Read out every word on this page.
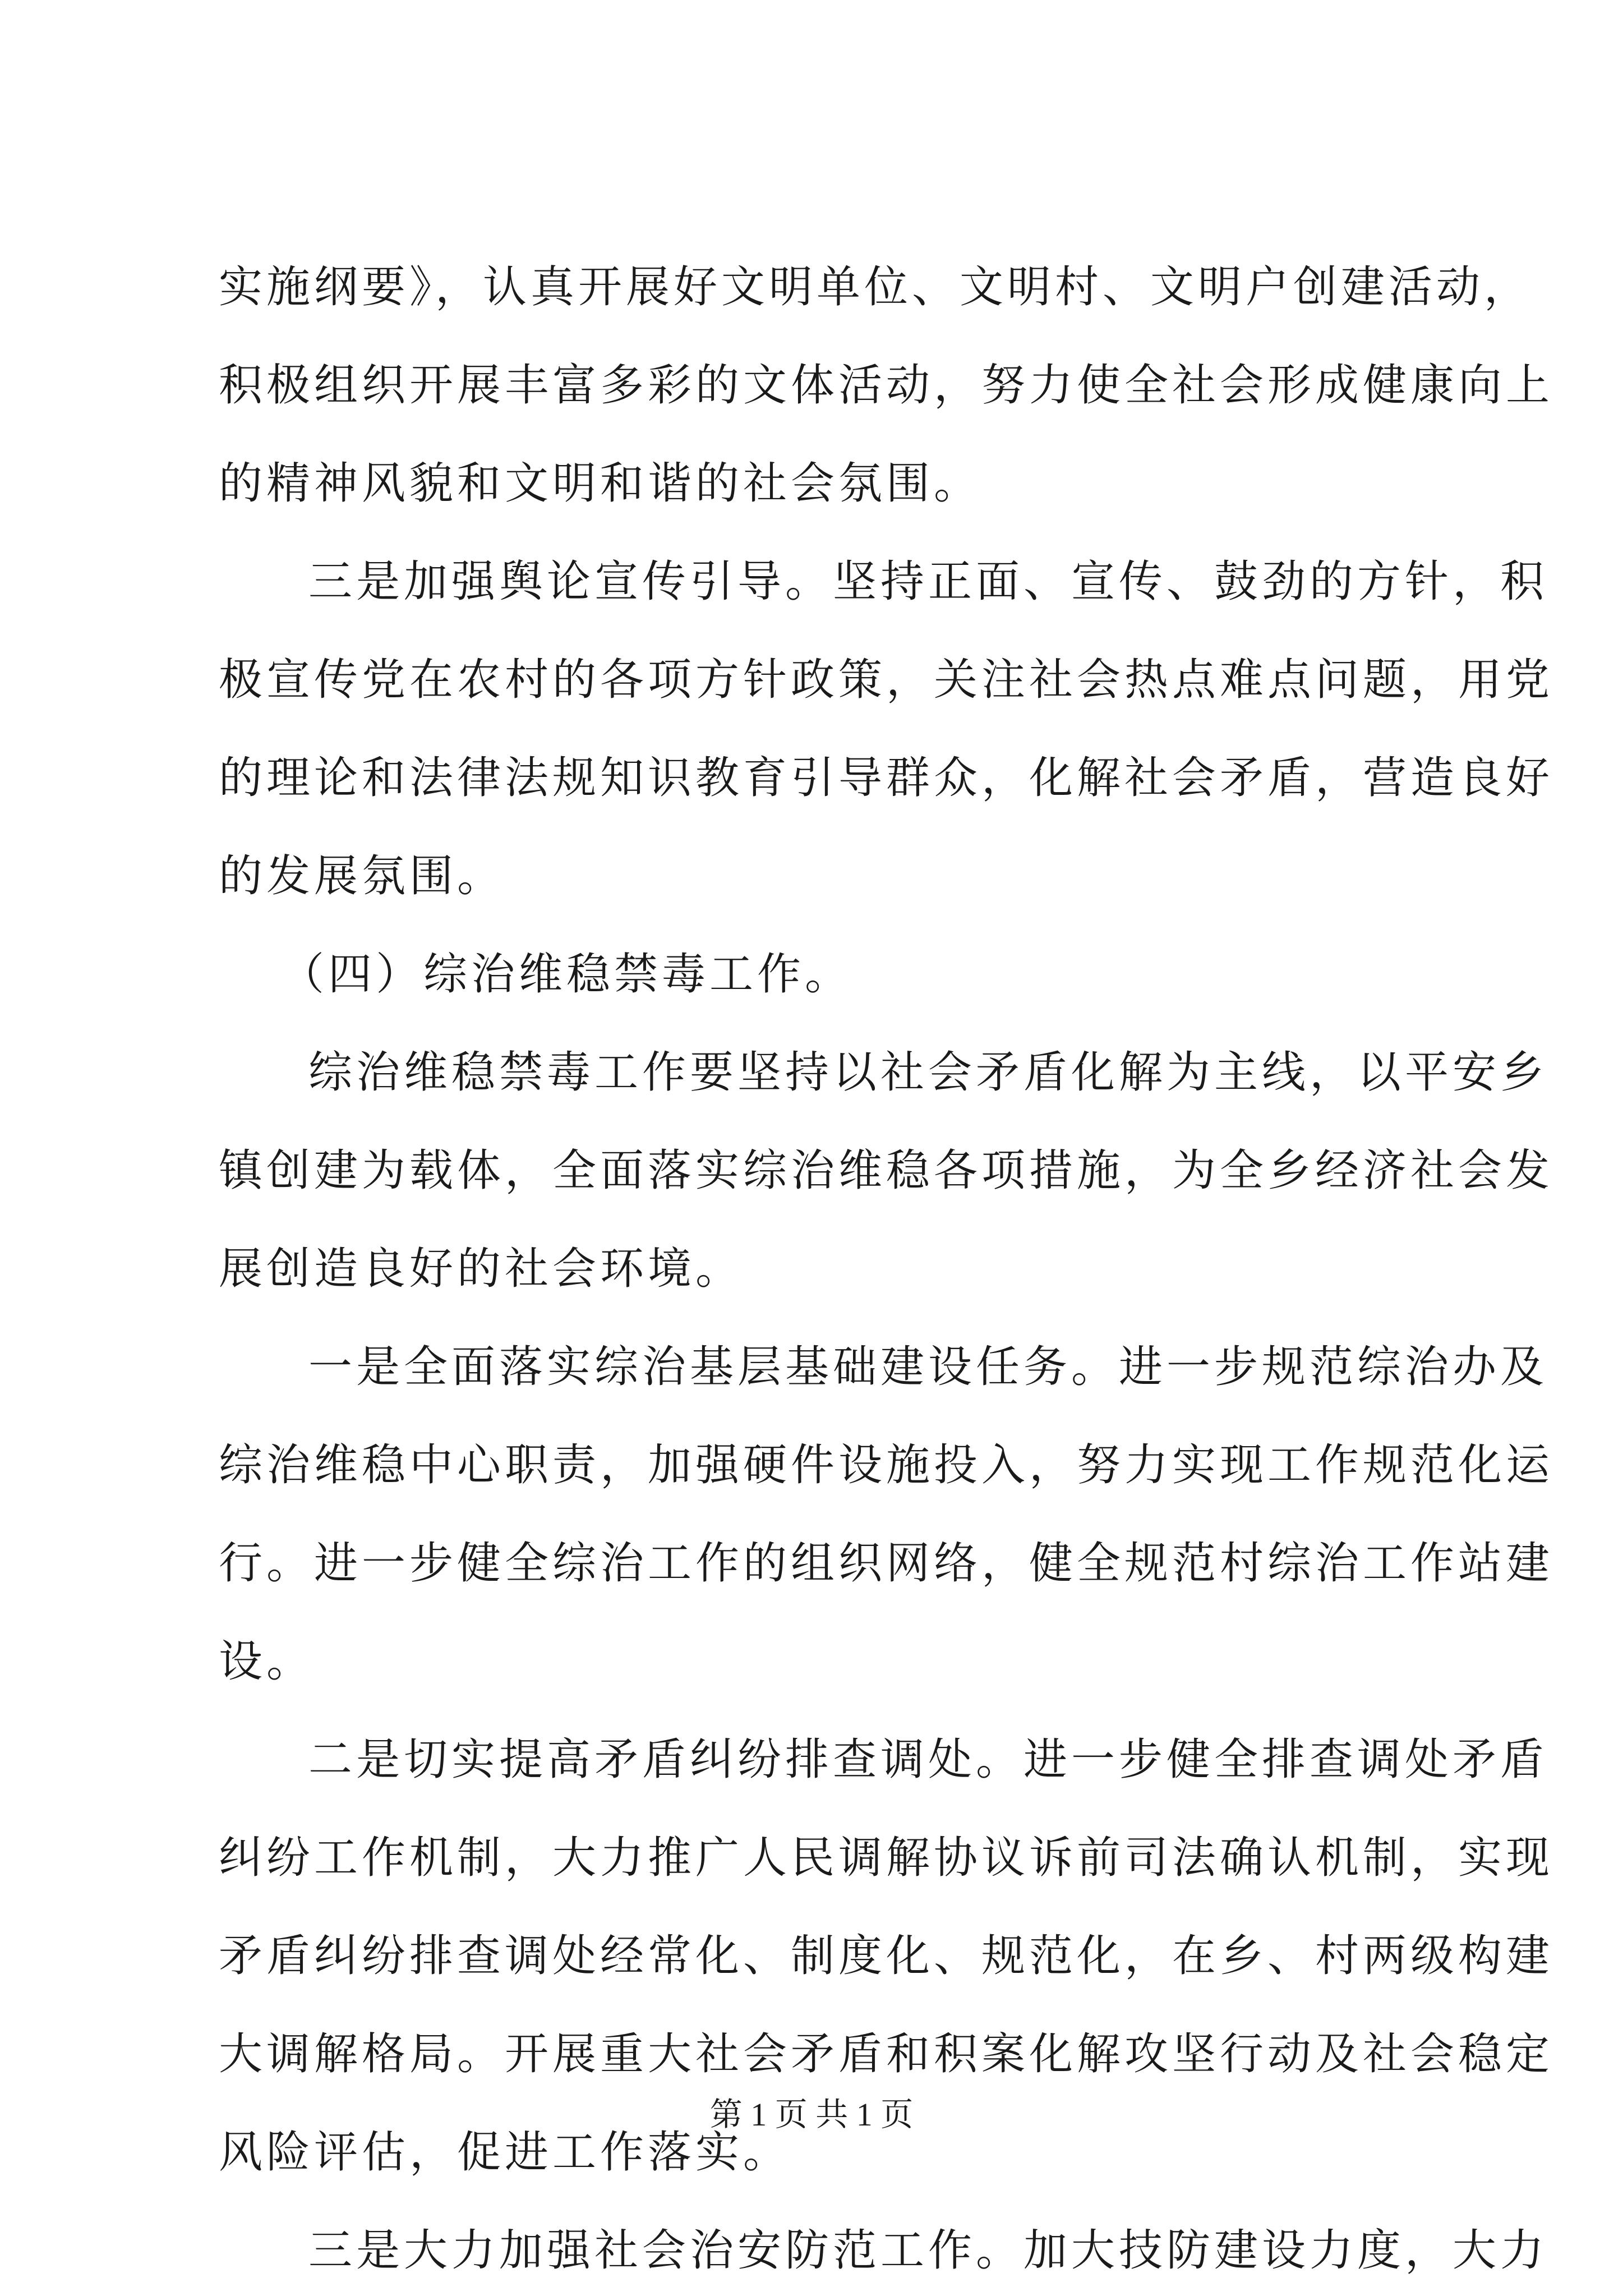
实施纲要》，认真开展好文明单位、文明村、文明户创建活动，

积极组织开展丰富多彩的文体活动，努力使全社会形成健康向上

的精神风貌和文明和谐的社会氛围。

三是加强舆论宣传引导。坚持正面、宣传、鼓劲的方针，积

极宣传党在农村的各项方针政策，关注社会热点难点问题，用党

的理论和法律法规知识教育引导群众，化解社会矛盾，营造良好

的发展氛围。

（四）综治维稳禁毒工作。

综治维稳禁毒工作要坚持以社会矛盾化解为主线，以平安乡

镇创建为载体，全面落实综治维稳各项措施，为全乡经济社会发

展创造良好的社会环境。

一是全面落实综治基层基础建设任务。进一步规范综治办及

综治维稳中心职责，加强硬件设施投入，努力实现工作规范化运

行。进一步健全综治工作的组织网络，健全规范村综治工作站建

设。

二是切实提高矛盾纠纷排查调处。进一步健全排查调处矛盾

纠纷工作机制，大力推广人民调解协议诉前司法确认机制，实现

矛盾纠纷排查调处经常化、制度化、规范化，在乡、村两级构建

大调解格局。开展重大社会矛盾和积案化解攻坚行动及社会稳定

风险评估，促进工作落实。

三是大力加强社会治安防范工作。加大技防建设力度，大力

第 1 页 共 1 页
